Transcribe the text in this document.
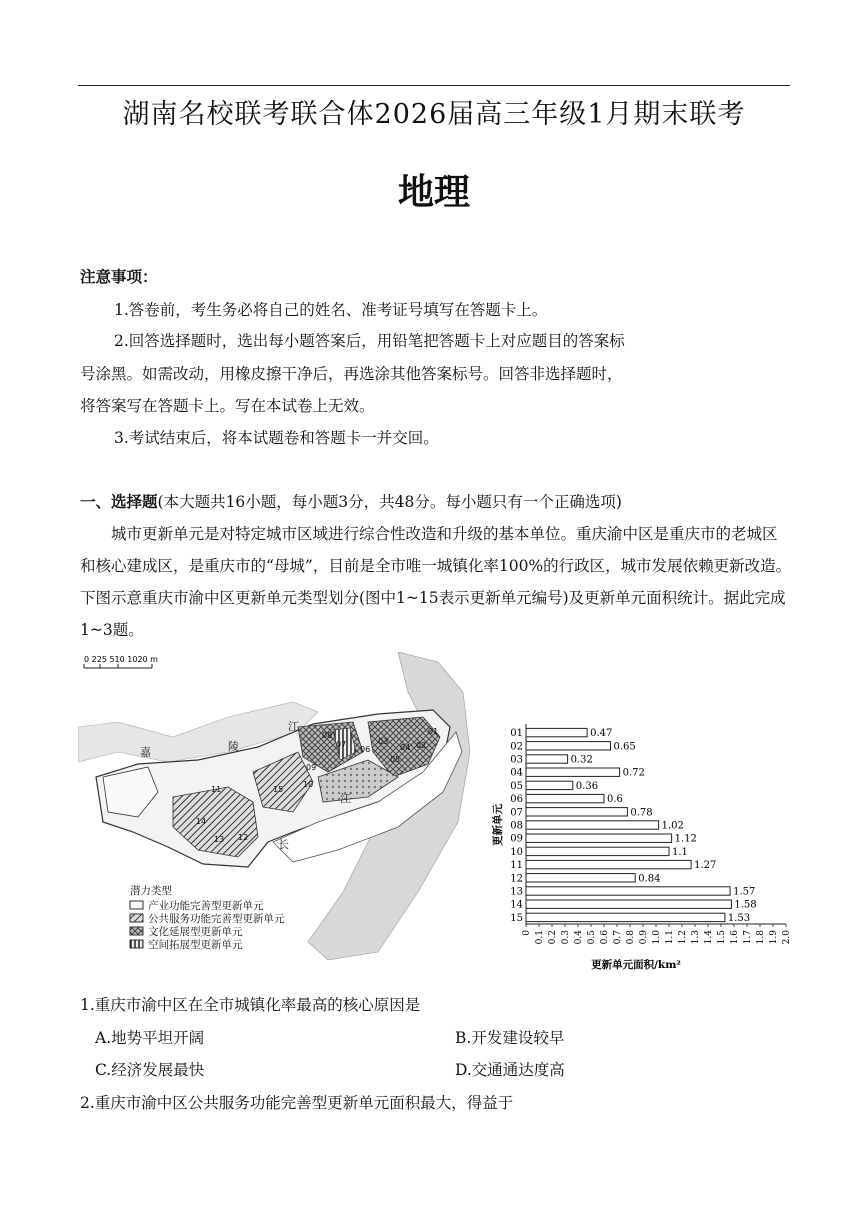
湖南名校联考联合体2026届高三年级1月期末联考
地理
注意事项：
1.答卷前，考生务必将自己的姓名、准考证号填写在答题卡上。
2.回答选择题时，选出每小题答案后，用铅笔把答题卡上对应题目的答案标
号涂黑。如需改动，用橡皮擦干净后，再选涂其他答案标号。回答非选择题时，
将答案写在答题卡上。写在本试卷上无效。
3.考试结束后，将本试题卷和答题卡一并交回。
一、选择题(本大题共16小题，每小题3分，共48分。每小题只有一个正确选项)
城市更新单元是对特定城市区域进行综合性改造和升级的基本单位。重庆渝中区是重庆市的老城区和核心建成区，是重庆市的“母城”，目前是全市唯一城镇化率100%的行政区，城市发展依赖更新改造。下图示意重庆市渝中区更新单元类型划分(图中1~15表示更新单元编号)及更新单元面积统计。据此完成1~3题。
0 225 510 1020 m
嘉	陵
江
长
江
01
02
03
04
05
06
07
08
09
10
11
12
13
14
15
潜力类型
产业功能完善型更新单元
公共服务功能完善型更新单元
文化延展型更新单元
空间拓展型更新单元
01	0.47
02	0.65
03	0.32
04	0.72
05	0.36
06	0.6
07	0.78
08	1.02
09	1.12
10	1.1
11	1.27
12	0.84
13	1.57
14	1.58
15	1.53
0 0.1 0.2 0.3 0.4 0.5 0.6 0.7 0.8 0.9 1.0 1.1 1.2 1.3 1.4 1.5 1.6 1.7 1.8 1.9 2.0
更新单元面积/km²
更新单元
1.重庆市渝中区在全市城镇化率最高的核心原因是
A.地势平坦开阔	B.开发建设较早
C.经济发展最快	D.交通通达度高
2.重庆市渝中区公共服务功能完善型更新单元面积最大，得益于
